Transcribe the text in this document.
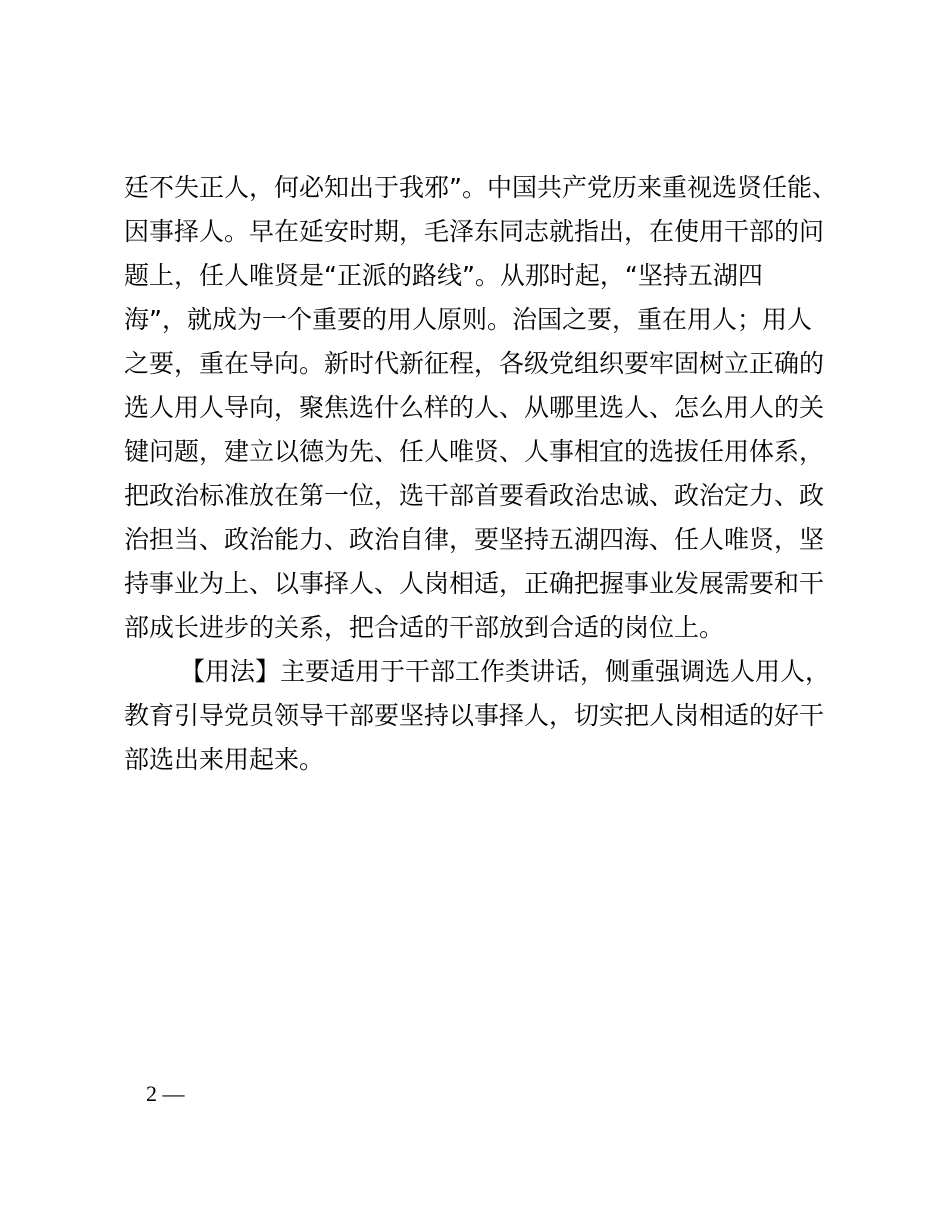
廷不失正人，何必知出于我邪”。中国共产党历来重视选贤任能、
因事择人。早在延安时期，毛泽东同志就指出，在使用干部的问
题上，任人唯贤是“正派的路线”。从那时起，“坚持五湖四
海”，就成为一个重要的用人原则。治国之要，重在用人；用人
之要，重在导向。新时代新征程，各级党组织要牢固树立正确的
选人用人导向，聚焦选什么样的人、从哪里选人、怎么用人的关
键问题，建立以德为先、任人唯贤、人事相宜的选拔任用体系，
把政治标准放在第一位，选干部首要看政治忠诚、政治定力、政
治担当、政治能力、政治自律，要坚持五湖四海、任人唯贤，坚
持事业为上、以事择人、人岗相适，正确把握事业发展需要和干
部成长进步的关系，把合适的干部放到合适的岗位上。
【用法】主要适用于干部工作类讲话，侧重强调选人用人，
教育引导党员领导干部要坚持以事择人，切实把人岗相适的好干
部选出来用起来。
2 —
